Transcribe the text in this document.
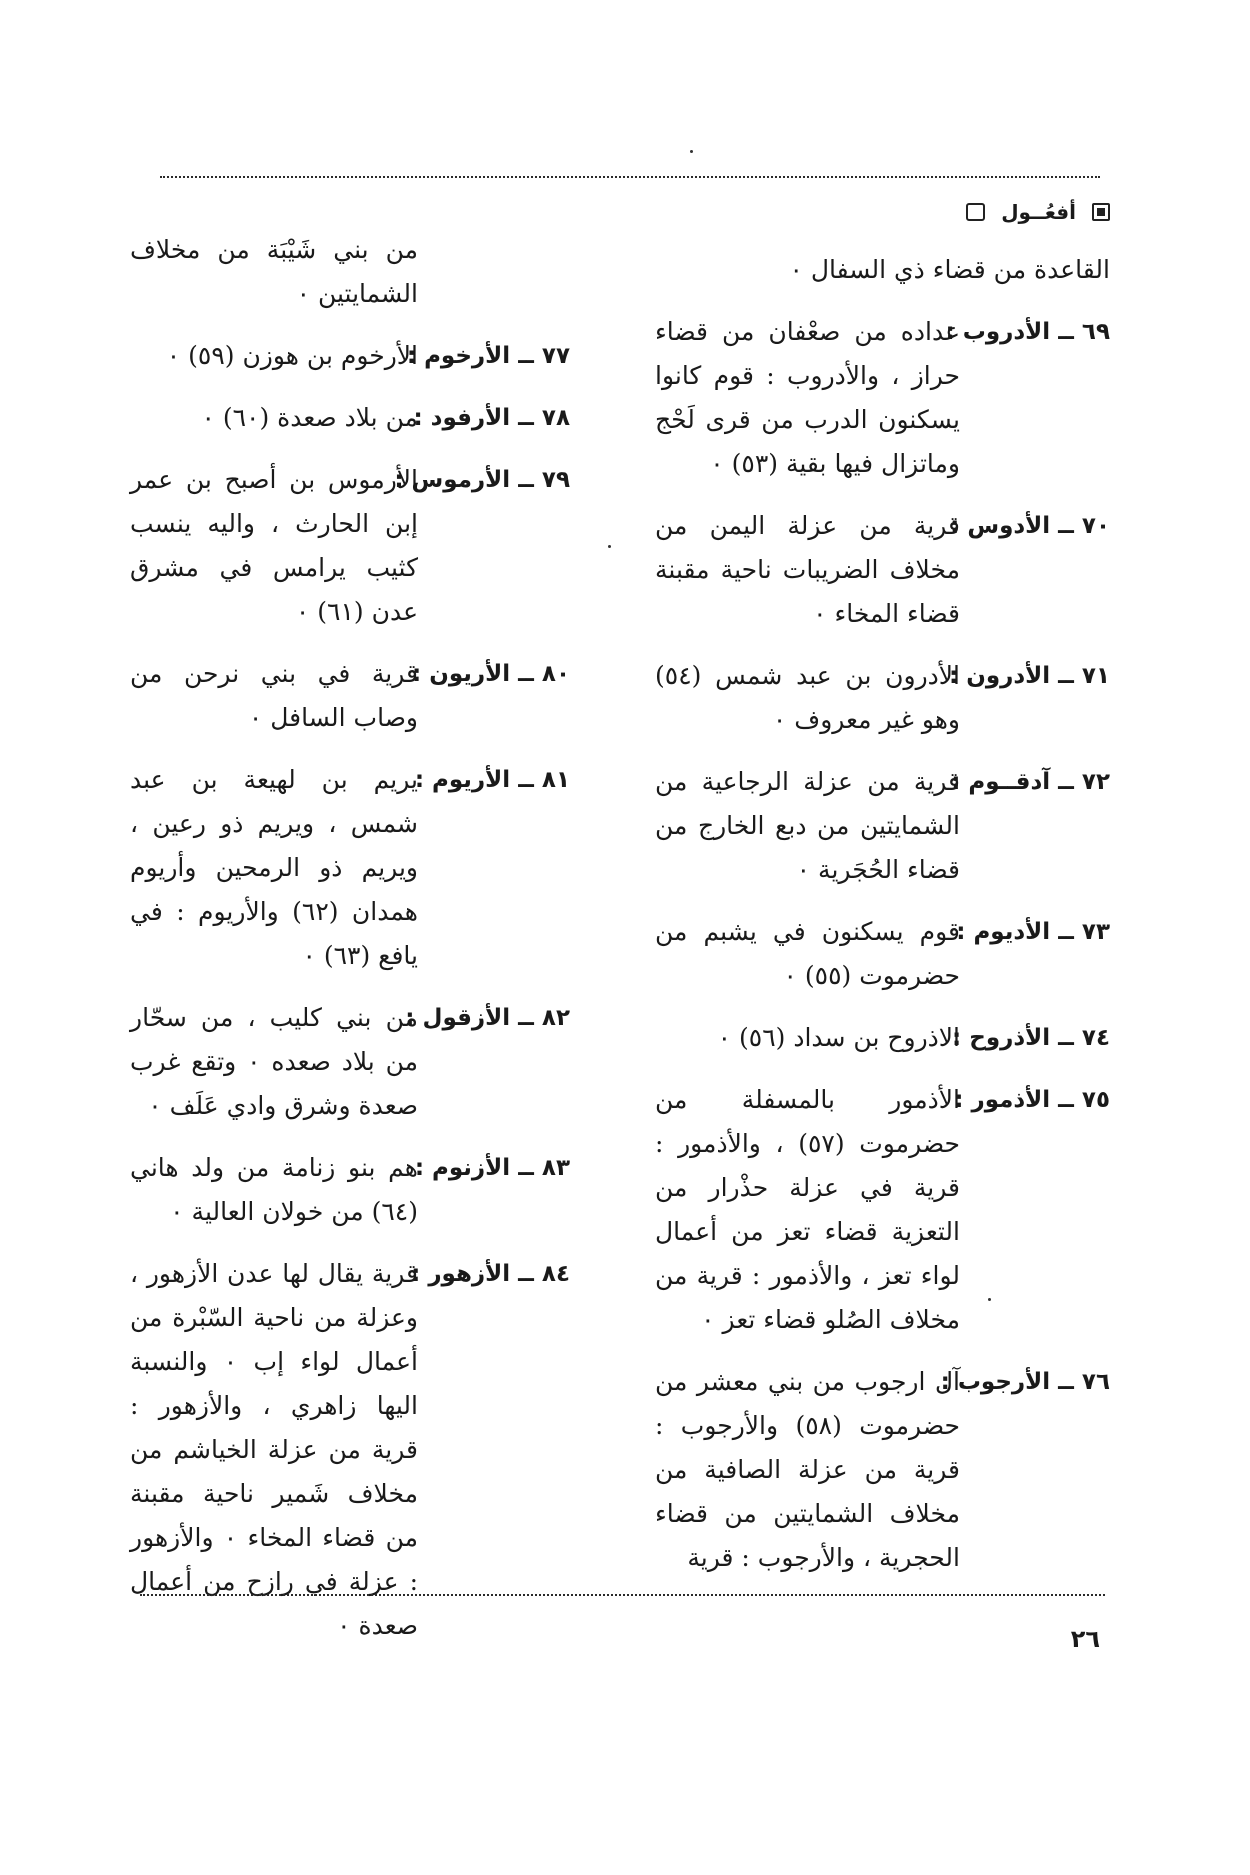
أفعُــول
القاعدة من قضاء ذي السفال ٠
٦٩ ــ الأدروب :
عداده من صعْفان من قضاء حراز ، والأدروب : قوم كانوا يسكنون الدرب من قرى لَحْج وماتزال فيها بقية (٥٣) ٠
٧٠ ــ الأدوس :
قرية من عزلة اليمن من مخلاف الضريبات ناحية مقبنة قضاء المخاء ٠
٧١ ــ الأدرون :
الأدرون بن عبد شمس (٥٤) وهو غير معروف ٠
٧٢ ــ آدقــوم :
قرية من عزلة الرجاعية من الشمايتين من دبع الخارج من قضاء الحُجَرية ٠
٧٣ ــ الأديوم :
قوم يسكنون في يشبم من حضرموت (٥٥) ٠
٧٤ ــ الأذروح :
الاذروح بن سداد (٥٦) ٠
٧٥ ــ الأذمور :
الأذمور بالمسفلة من حضرموت (٥٧) ، والأذمور : قرية في عزلة حذْرار من التعزية قضاء تعز من أعمال لواء تعز ، والأذمور : قرية من مخلاف الصُلو قضاء تعز ٠
٧٦ ــ الأرجوب :
آل ارجوب من بني معشر من حضرموت (٥٨) والأرجوب : قرية من عزلة الصافية من مخلاف الشمايتين من قضاء الحجرية ، والأرجوب : قرية
من بني شَيْبَة من مخلاف الشمايتين ٠
٧٧ ــ الأرخوم :
الأرخوم بن هوزن (٥٩) ٠
٧٨ ــ الأرفود :
من بلاد صعدة (٦٠) ٠
٧٩ ــ الأرموس :
الأرموس بن أصبح بن عمر إبن الحارث ، واليه ينسب كثيب يرامس في مشرق عدن (٦١) ٠
٨٠ ــ الأريون :
قرية في بني نرحن من وصاب السافل ٠
٨١ ــ الأريوم :
يريم بن لهيعة بن عبد شمس ، ويريم ذو رعين ، ويريم ذو الرمحين وأريوم همدان (٦٢) والأريوم : في يافع (٦٣) ٠
٨٢ ــ الأزقول :
من بني كليب ، من سحّار من بلاد صعده ٠ وتقع غرب صعدة وشرق وادي عَلَف ٠
٨٣ ــ الأزنوم :
هم بنو زنامة من ولد هاني (٦٤) من خولان العالية ٠
٨٤ ــ الأزهور :
قرية يقال لها عدن الأزهور ، وعزلة من ناحية السّبْرة من أعمال لواء إب ٠ والنسبة اليها زاهري ، والأزهور : قرية من عزلة الخياشم من مخلاف شَمير ناحية مقبنة من قضاء المخاء ٠ والأزهور : عزلة في رازح من أعمال صعدة ٠	٢٦
